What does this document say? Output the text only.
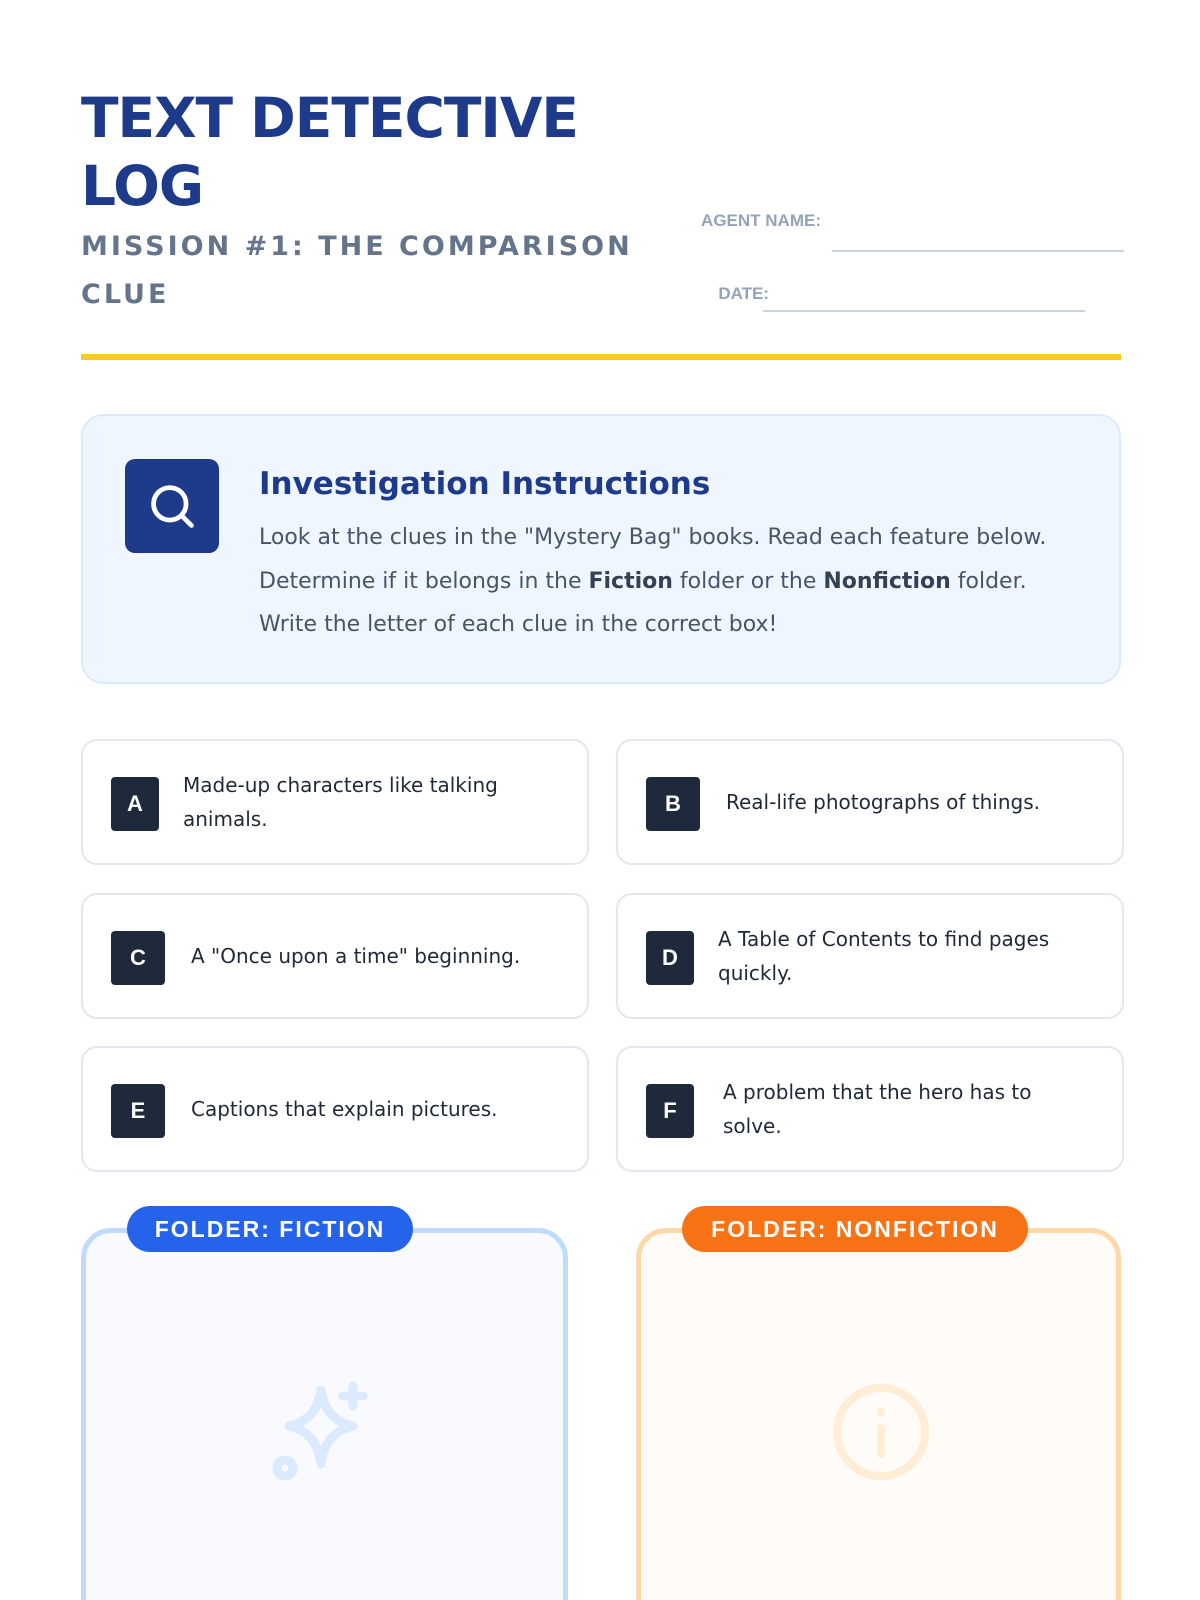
TEXT DETECTIVE LOG
MISSION #1: THE COMPARISON CLUE
AGENT NAME:
DATE:
Investigation Instructions

Look at the clues in the "Mystery Bag" books. Read each feature below. Determine if it belongs in the Fiction folder or the Nonfiction folder. Write the letter of each clue in the correct box!

A
Made-up characters like talking animals.
B	Real-life photographs of things.
C	A "Once upon a time" beginning.	D
A Table of Contents to find pages quickly.
E	Captions that explain pictures.	F
A problem that the hero has to solve.
FOLDER: FICTION	FOLDER: NONFICTION
